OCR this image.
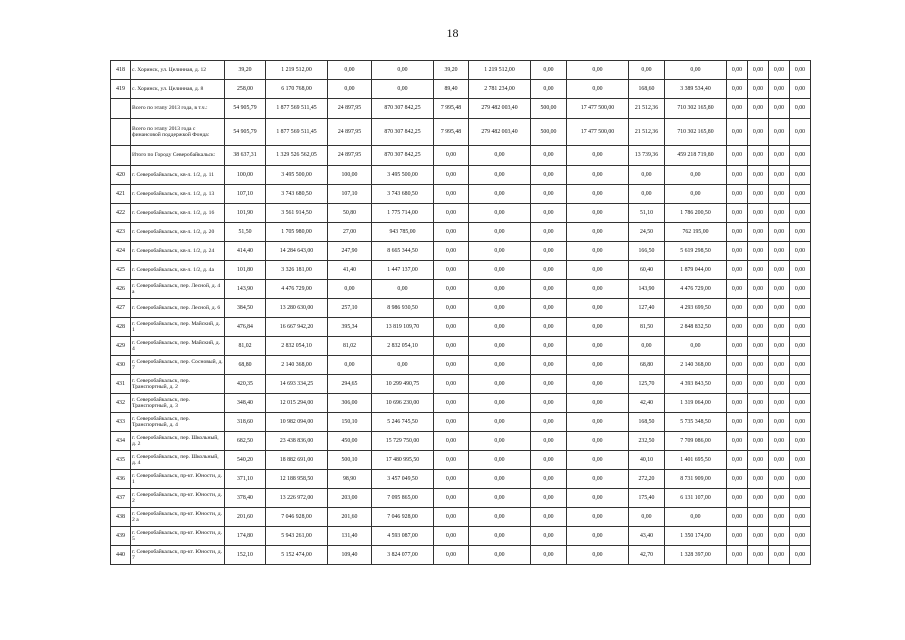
18
418	с. Хоринск, ул. Целинная, д. 12	39,20	1 219 512,00	0,00	0,00	39,20	1 219 512,00	0,00	0,00	0,00	0,00	0,00	0,00	0,00	0,00
419	с. Хоринск, ул. Целинная, д. 8	258,00	6 170 768,00	0,00	0,00	89,40	2 781 234,00	0,00	0,00	168,60	3 389 534,40	0,00	0,00	0,00	0,00
	Всего по этапу 2013 года, в т.ч.:	54 905,79	1 877 569 511,45	24 897,95	870 307 842,25	7 995,48	279 482 003,40	500,00	17 477 500,00	21 512,36	710 302 165,80	0,00	0,00	0,00	0,00
	Всего по этапу 2013 года с финансовой поддержкой Фонда:	54 905,79	1 877 569 511,45	24 897,95	870 307 842,25	7 995,48	279 482 003,40	500,00	17 477 500,00	21 512,36	710 302 165,80	0,00	0,00	0,00	0,00
	Итого по Городу Северобайкальск:	38 637,31	1 329 526 562,05	24 897,95	870 307 842,25	0,00	0,00	0,00	0,00	13 739,36	459 218 719,80	0,00	0,00	0,00	0,00
420	г. Северобайкальск, кв-л. 1/2, д. 11	100,00	3 495 500,00	100,00	3 495 500,00	0,00	0,00	0,00	0,00	0,00	0,00	0,00	0,00	0,00	0,00
421	г. Северобайкальск, кв-л. 1/2, д. 13	107,10	3 743 680,50	107,10	3 743 680,50	0,00	0,00	0,00	0,00	0,00	0,00	0,00	0,00	0,00	0,00
422	г. Северобайкальск, кв-л. 1/2, д. 16	101,90	3 561 914,50	50,80	1 775 714,00	0,00	0,00	0,00	0,00	51,10	1 786 200,50	0,00	0,00	0,00	0,00
423	г. Северобайкальск, кв-л. 1/2, д. 20	51,50	1 705 980,00	27,00	943 785,00	0,00	0,00	0,00	0,00	24,50	762 195,00	0,00	0,00	0,00	0,00
424	г. Северобайкальск, кв-л. 1/2, д. 24	414,40	14 284 643,00	247,90	8 665 344,50	0,00	0,00	0,00	0,00	166,50	5 619 298,50	0,00	0,00	0,00	0,00
425	г. Северобайкальск, кв-л. 1/2, д. 4а	101,80	3 326 181,00	41,40	1 447 137,00	0,00	0,00	0,00	0,00	60,40	1 879 044,00	0,00	0,00	0,00	0,00
426	г. Северобайкальск, пер. Лесной, д. 4 а	143,90	4 476 729,00	0,00	0,00	0,00	0,00	0,00	0,00	143,90	4 476 729,00	0,00	0,00	0,00	0,00
427	г. Северобайкальск, пер. Лесной, д. 6	384,50	13 280 630,00	257,10	8 986 930,50	0,00	0,00	0,00	0,00	127,40	4 293 699,50	0,00	0,00	0,00	0,00
428	г. Северобайкальск, пер. Майский, д. 1	476,84	16 667 942,20	395,34	13 819 109,70	0,00	0,00	0,00	0,00	81,50	2 848 832,50	0,00	0,00	0,00	0,00
429	г. Северобайкальск, пер. Майский, д. 4	81,02	2 832 054,10	81,02	2 832 054,10	0,00	0,00	0,00	0,00	0,00	0,00	0,00	0,00	0,00	0,00
430	г. Северобайкальск, пер. Сосновый, д. 7	68,80	2 140 368,00	0,00	0,00	0,00	0,00	0,00	0,00	68,80	2 140 368,00	0,00	0,00	0,00	0,00
431	г. Северобайкальск, пер. Транспортный, д. 2	420,35	14 693 334,25	294,65	10 299 490,75	0,00	0,00	0,00	0,00	125,70	4 393 843,50	0,00	0,00	0,00	0,00
432	г. Северобайкальск, пер. Транспортный, д. 3	348,40	12 015 294,00	306,00	10 696 230,00	0,00	0,00	0,00	0,00	42,40	1 319 064,00	0,00	0,00	0,00	0,00
433	г. Северобайкальск, пер. Транспортный, д. 4	318,60	10 982 094,00	150,10	5 246 745,50	0,00	0,00	0,00	0,00	168,50	5 735 348,50	0,00	0,00	0,00	0,00
434	г. Северобайкальск, пер. Школьный, д. 2	682,50	23 438 836,00	450,00	15 729 750,00	0,00	0,00	0,00	0,00	232,50	7 709 086,00	0,00	0,00	0,00	0,00
435	г. Северобайкальск, пер. Школьный, д. 4	540,20	18 882 691,00	500,10	17 480 995,50	0,00	0,00	0,00	0,00	40,10	1 401 695,50	0,00	0,00	0,00	0,00
436	г. Северобайкальск, пр-кт. Юности, д. 1	371,10	12 188 958,50	98,90	3 457 049,50	0,00	0,00	0,00	0,00	272,20	8 731 909,00	0,00	0,00	0,00	0,00
437	г. Северобайкальск, пр-кт. Юности, д. 2	378,40	13 226 972,00	203,00	7 095 865,00	0,00	0,00	0,00	0,00	175,40	6 131 107,00	0,00	0,00	0,00	0,00
438	г. Северобайкальск, пр-кт. Юности, д. 2 а	201,60	7 046 928,00	201,60	7 046 928,00	0,00	0,00	0,00	0,00	0,00	0,00	0,00	0,00	0,00	0,00
439	г. Северобайкальск, пр-кт. Юности, д. 5	174,80	5 943 261,00	131,40	4 593 087,00	0,00	0,00	0,00	0,00	43,40	1 350 174,00	0,00	0,00	0,00	0,00
440	г. Северобайкальск, пр-кт. Юности, д. 7	152,10	5 152 474,00	109,40	3 824 077,00	0,00	0,00	0,00	0,00	42,70	1 328 397,00	0,00	0,00	0,00	0,00
